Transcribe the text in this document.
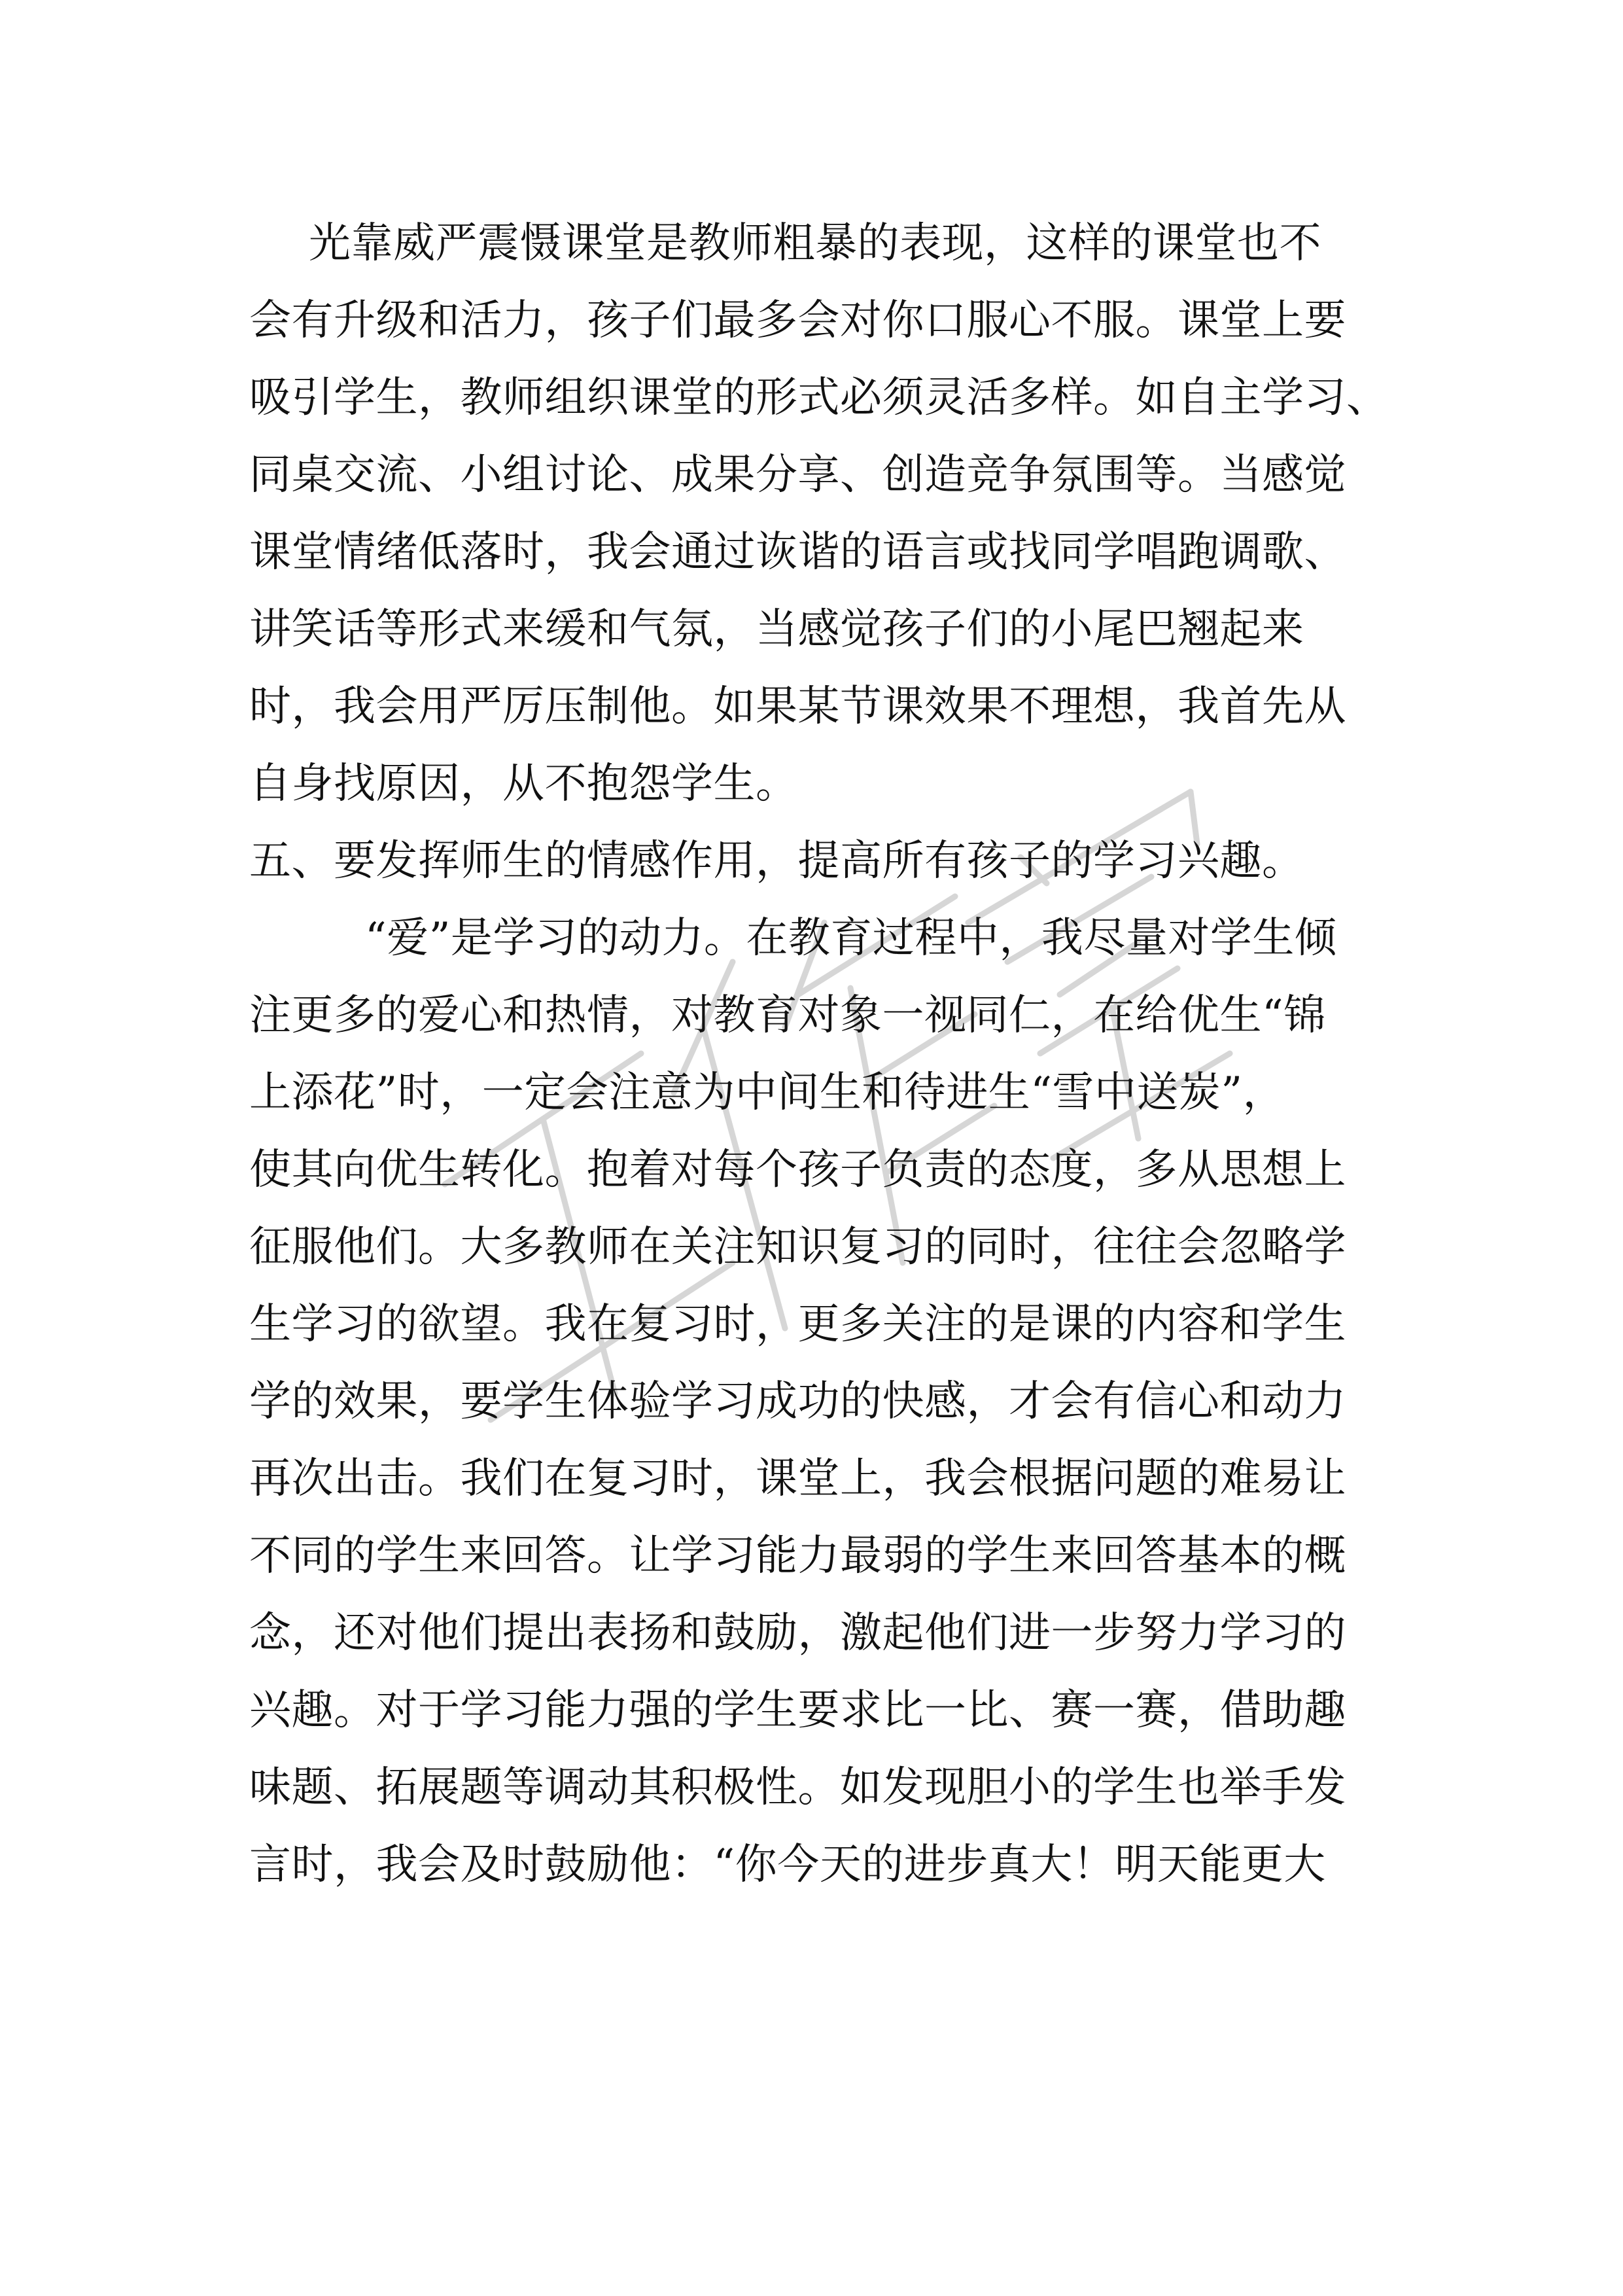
光靠威严震慑课堂是教师粗暴的表现，这样的课堂也不
会有升级和活力，孩子们最多会对你口服心不服。课堂上要
吸引学生，教师组织课堂的形式必须灵活多样。如自主学习、
同桌交流、小组讨论、成果分享、创造竞争氛围等。当感觉
课堂情绪低落时，我会通过诙谐的语言或找同学唱跑调歌、
讲笑话等形式来缓和气氛，当感觉孩子们的小尾巴翘起来
时，我会用严厉压制他。如果某节课效果不理想，我首先从
自身找原因，从不抱怨学生。
五、要发挥师生的情感作用，提高所有孩子的学习兴趣。
“爱”是学习的动力。在教育过程中，我尽量对学生倾
注更多的爱心和热情，对教育对象一视同仁，在给优生“锦
上添花”时，一定会注意为中间生和待进生“雪中送炭”，
使其向优生转化。抱着对每个孩子负责的态度，多从思想上
征服他们。大多教师在关注知识复习的同时，往往会忽略学
生学习的欲望。我在复习时，更多关注的是课的内容和学生
学的效果，要学生体验学习成功的快感，才会有信心和动力
再次出击。我们在复习时，课堂上，我会根据问题的难易让
不同的学生来回答。让学习能力最弱的学生来回答基本的概
念，还对他们提出表扬和鼓励，激起他们进一步努力学习的
兴趣。对于学习能力强的学生要求比一比、赛一赛，借助趣
味题、拓展题等调动其积极性。如发现胆小的学生也举手发
言时，我会及时鼓励他：“你今天的进步真大！明天能更大
